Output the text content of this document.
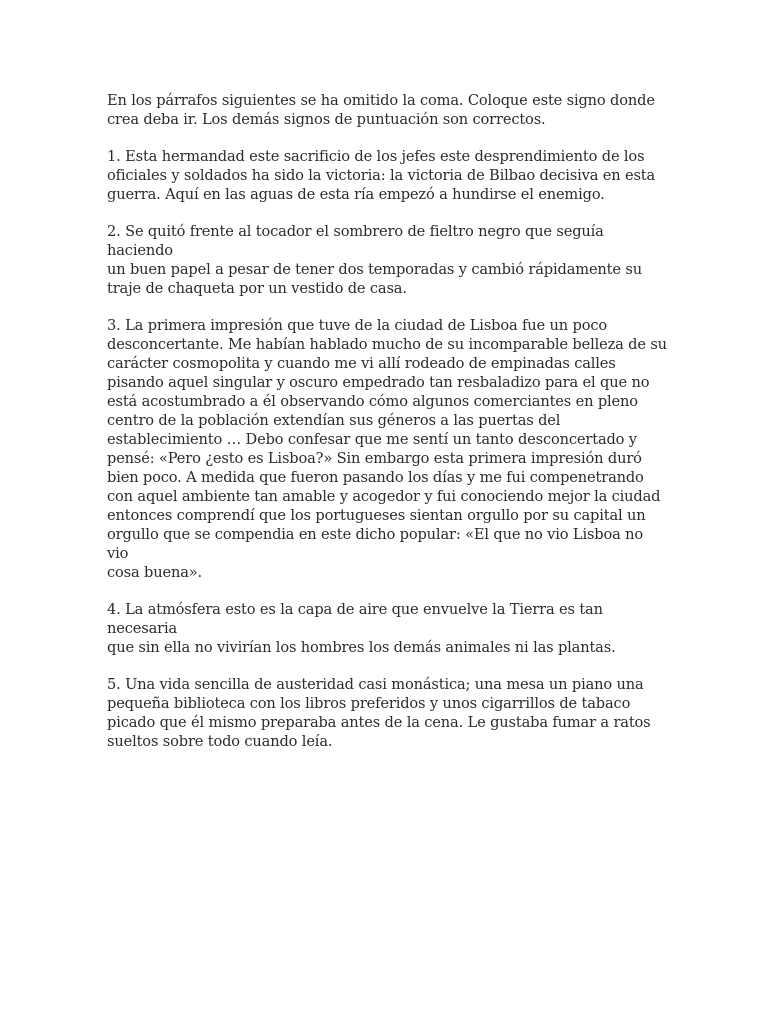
En los párrafos siguientes se ha omitido la coma. Coloque este signo donde
crea deba ir. Los demás signos de puntuación son correctos.

1. Esta hermandad este sacrificio de los jefes este desprendimiento de los
oficiales y soldados ha sido la victoria: la victoria de Bilbao decisiva en esta
guerra. Aquí en las aguas de esta ría empezó a hundirse el enemigo.

2. Se quitó frente al tocador el sombrero de fieltro negro que seguía haciendo
un buen papel a pesar de tener dos temporadas y cambió rápidamente su
traje de chaqueta por un vestido de casa.

3. La primera impresión que tuve de la ciudad de Lisboa fue un poco
desconcertante. Me habían hablado mucho de su incomparable belleza de su
carácter cosmopolita y cuando me vi allí rodeado de empinadas calles
pisando aquel singular y oscuro empedrado tan resbaladizo para el que no
está acostumbrado a él observando cómo algunos comerciantes en pleno
centro de la población extendían sus géneros a las puertas del
establecimiento … Debo confesar que me sentí un tanto desconcertado y
pensé: «Pero ¿esto es Lisboa?» Sin embargo esta primera impresión duró
bien poco. A medida que fueron pasando los días y me fui compenetrando
con aquel ambiente tan amable y acogedor y fui conociendo mejor la ciudad
entonces comprendí que los portugueses sientan orgullo por su capital un
orgullo que se compendia en este dicho popular: «El que no vio Lisboa no vio
cosa buena».

4. La atmósfera esto es la capa de aire que envuelve la Tierra es tan necesaria
que sin ella no vivirían los hombres los demás animales ni las plantas.

5. Una vida sencilla de austeridad casi monástica; una mesa un piano una
pequeña biblioteca con los libros preferidos y unos cigarrillos de tabaco
picado que él mismo preparaba antes de la cena. Le gustaba fumar a ratos
sueltos sobre todo cuando leía.
